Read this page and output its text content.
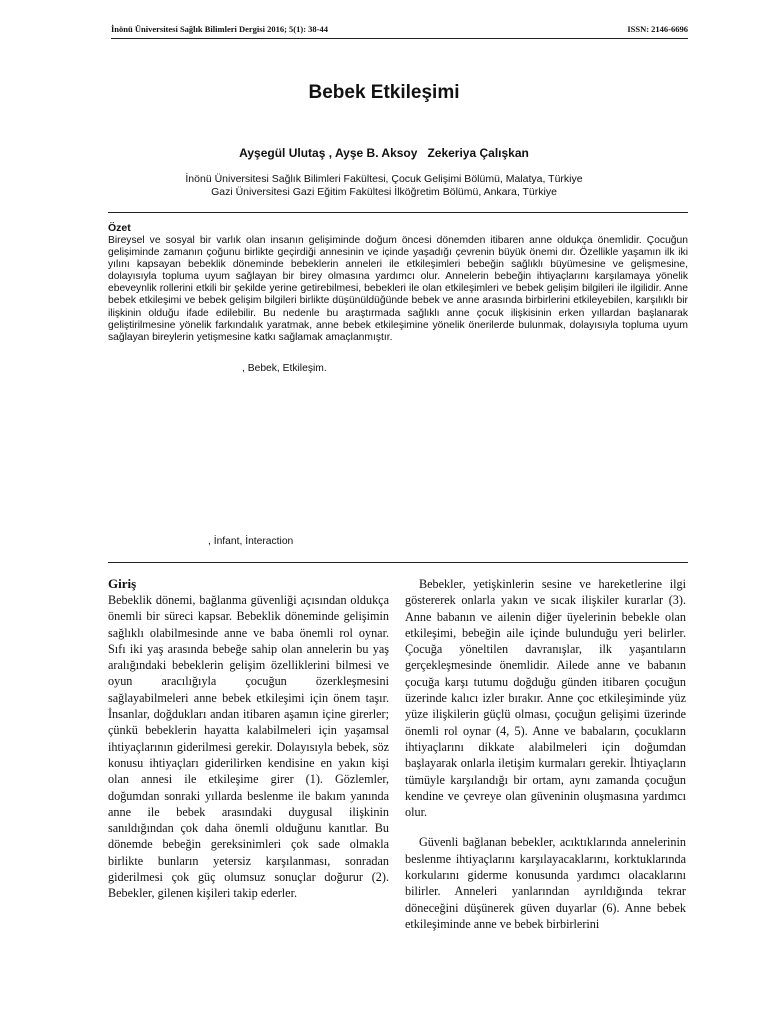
İnönü Üniversitesi Sağlık Bilimleri Dergisi 2016; 5(1): 38-44	ISSN: 2146-6696
Bebek Etkileşimi
Ayşegül Ulutaş , Ayşe B. Aksoy   Zekeriya Çalışkan
İnönü Üniversitesi Sağlık Bilimleri Fakültesi, Çocuk Gelişimi Bölümü, Malatya, Türkiye
Gazi Üniversitesi Gazi Eğitim Fakültesi İlköğretim Bölümü, Ankara, Türkiye
Özet
Bireysel ve sosyal bir varlık olan insanın gelişiminde doğum öncesi dönemden itibaren anne oldukça önemlidir. Çocuğun gelişiminde zamanın çoğunu birlikte geçirdiği annesinin ve içinde yaşadığı çevrenin büyük önemi dır. Özellikle yaşamın ilk iki yılını kapsayan bebeklik döneminde bebeklerin anneleri ile etkileşimleri bebeğin sağlıklı büyümesine ve gelişmesine, dolayısıyla topluma uyum sağlayan bir birey olmasına yardımcı olur. Annelerin bebeğin ihtiyaçlarını karşılamaya yönelik ebeveynlik rollerini etkili bir şekilde yerine getirebilmesi, bebekleri ile olan etkileşimleri ve bebek gelişim bilgileri ile ilgilidir. Anne bebek etkileşimi ve bebek gelişim bilgileri birlikte düşünüldüğünde bebek ve anne arasında birbirlerini etkileyebilen, karşılıklı bir ilişkinin olduğu ifade edilebilir. Bu nedenle bu araştırmada sağlıklı anne çocuk ilişkisinin erken yıllardan başlanarak geliştirilmesine yönelik farkındalık yaratmak, anne bebek etkileşimine yönelik önerilerde bulunmak, dolayısıyla topluma uyum sağlayan bireylerin yetişmesine katkı sağlamak amaçlanmıştır.
, Bebek, Etkileşim.
, İnfant, İnteraction

Giriş

Bebeklik dönemi, bağlanma güvenliği açısından oldukça önemli bir süreci kapsar. Bebeklik döneminde gelişimin sağlıklı olabilmesinde anne ve baba önemli rol oynar. Sıfı iki yaş arasında bebeğe sahip olan annelerin bu yaş aralığındaki bebeklerin gelişim özelliklerini bilmesi ve oyun aracılığıyla çocuğun özerkleşmesini sağlayabilmeleri anne bebek etkileşimi için önem taşır. İnsanlar, doğdukları andan itibaren aşamın içine girerler; çünkü bebeklerin hayatta kalabilmeleri için yaşamsal ihtiyaçlarının giderilmesi gerekir. Dolayısıyla bebek, söz konusu ihtiyaçları giderilirken kendisine en yakın kişi olan annesi ile etkileşime girer (1). Gözlemler, doğumdan sonraki yıllarda beslenme ile bakım yanında anne ile bebek arasındaki duygusal ilişkinin sanıldığından çok daha önemli olduğunu kanıtlar. Bu dönemde bebeğin gereksinimleri çok sade olmakla birlikte bunların yetersiz karşılanması, sonradan giderilmesi çok güç olumsuz sonuçlar doğurur (2). Bebekler, gilenen kişileri takip ederler.

Bebekler, yetişkinlerin sesine ve hareketlerine ilgi göstererek onlarla yakın ve sıcak ilişkiler kurarlar (3). Anne babanın ve ailenin diğer üyelerinin bebekle olan etkileşimi, bebeğin aile içinde bulunduğu yeri belirler. Çocuğa yöneltilen davranışlar, ilk yaşantıların gerçekleşmesinde önemlidir. Ailede anne ve babanın çocuğa karşı tutumu doğduğu günden itibaren çocuğun üzerinde kalıcı izler bırakır. Anne çoc etkileşiminde yüz yüze ilişkilerin güçlü olması, çocuğun gelişimi üzerinde önemli rol oynar (4, 5). Anne ve babaların, çocukların ihtiyaçlarını dikkate alabilmeleri için doğumdan başlayarak onlarla iletişim kurmaları gerekir. İhtiyaçların tümüyle karşılandığı bir ortam, aynı zamanda çocuğun kendine ve çevreye olan güveninin oluşmasına yardımcı olur.

Güvenli bağlanan bebekler, acıktıklarında annelerinin beslenme ihtiyaçlarını karşılayacaklarını, korktuklarında korkularını giderme konusunda yardımcı olacaklarını bilirler. Anneleri yanlarından ayrıldığında tekrar döneceğini düşünerek güven duyarlar (6). Anne bebek etkileşiminde anne ve bebek birbirlerini
